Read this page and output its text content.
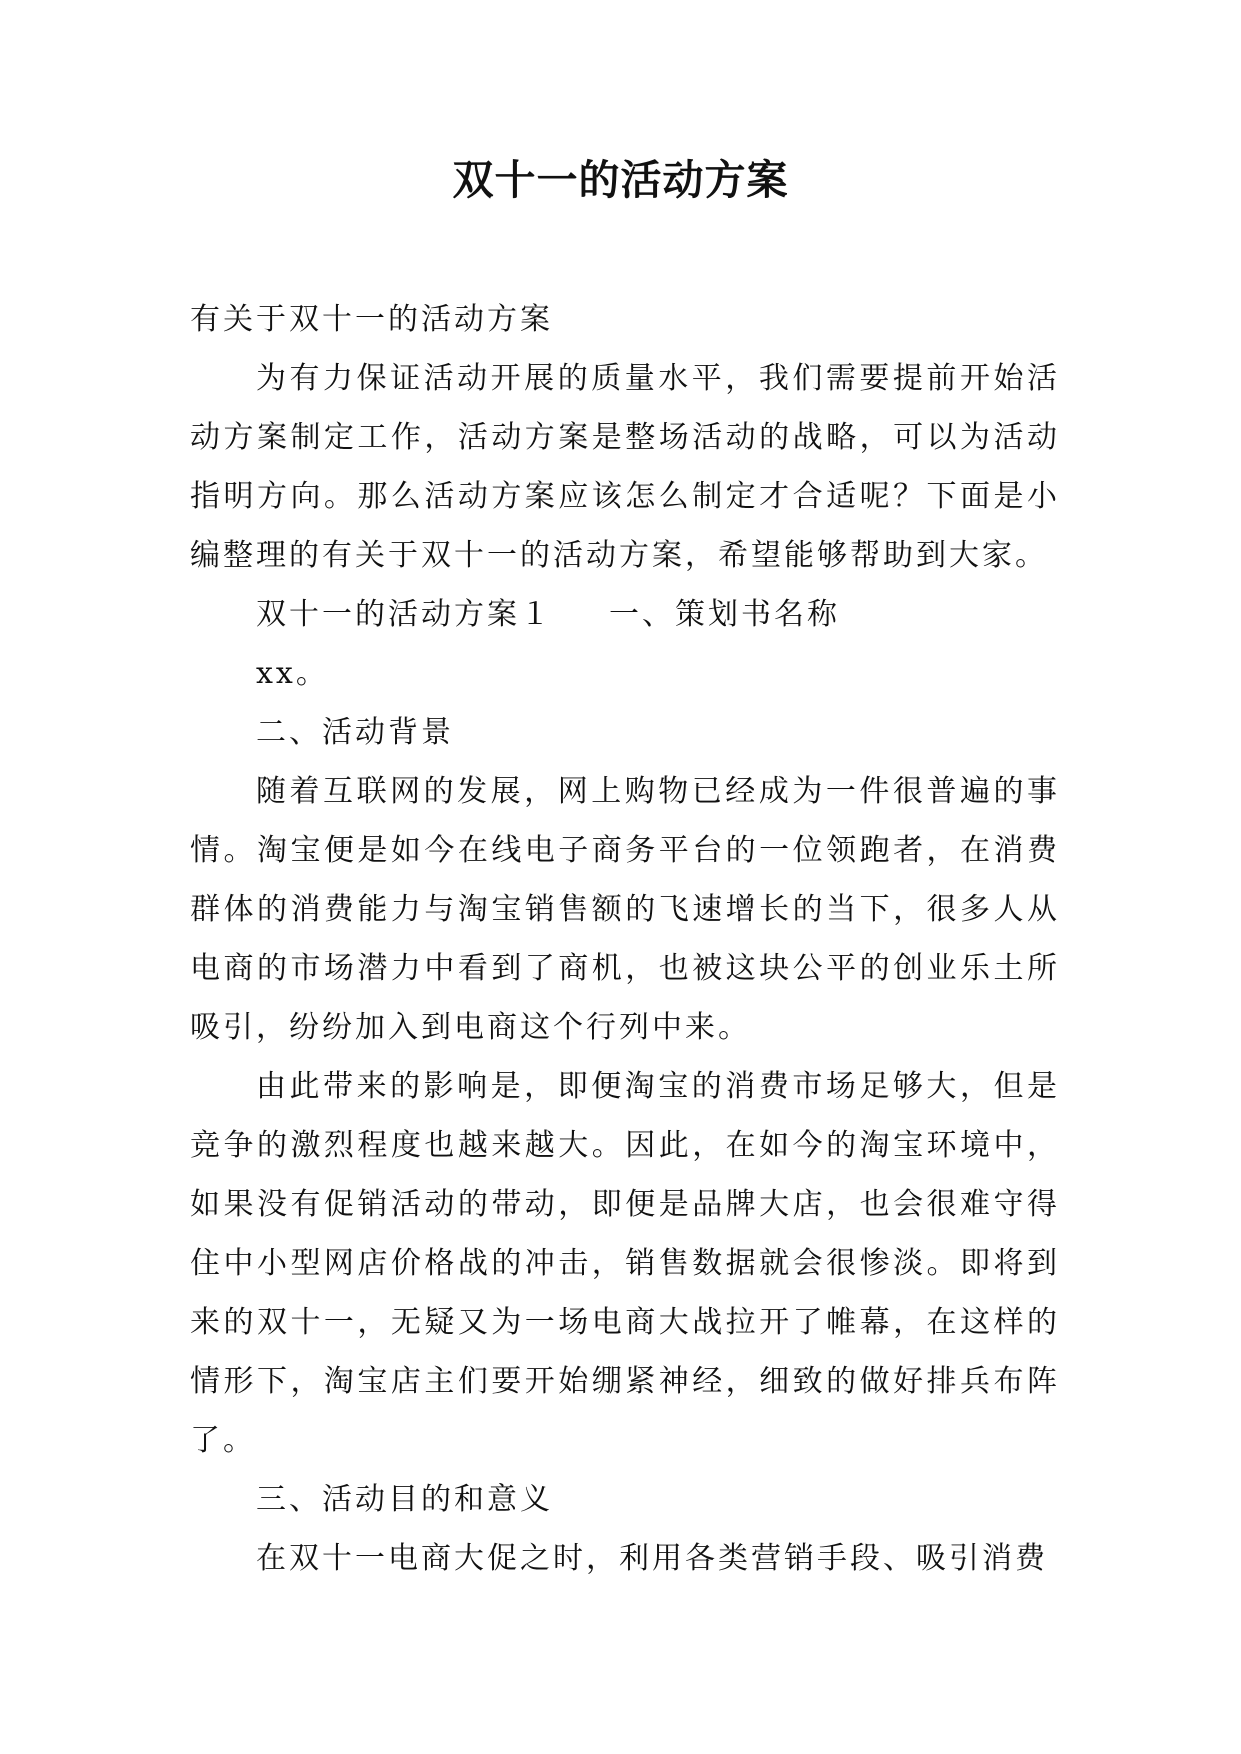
双十一的活动方案

有关于双十一的活动方案

为有力保证活动开展的质量水平，我们需要提前开始活动方案制定工作，活动方案是整场活动的战略，可以为活动指明方向。那么活动方案应该怎么制定才合适呢？下面是小编整理的有关于双十一的活动方案，希望能够帮助到大家。

双十一的活动方案１ 一、策划书名称

xx。

二、活动背景

随着互联网的发展，网上购物已经成为一件很普遍的事情。淘宝便是如今在线电子商务平台的一位领跑者，在消费群体的消费能力与淘宝销售额的飞速增长的当下，很多人从电商的市场潜力中看到了商机，也被这块公平的创业乐土所吸引，纷纷加入到电商这个行列中来。

由此带来的影响是，即便淘宝的消费市场足够大，但是竞争的激烈程度也越来越大。因此，在如今的淘宝环境中，如果没有促销活动的带动，即便是品牌大店，也会很难守得住中小型网店价格战的冲击，销售数据就会很惨淡。即将到来的双十一，无疑又为一场电商大战拉开了帷幕，在这样的情形下，淘宝店主们要开始绷紧神经，细致的做好排兵布阵了。

三、活动目的和意义

在双十一电商大促之时，利用各类营销手段、吸引消费
